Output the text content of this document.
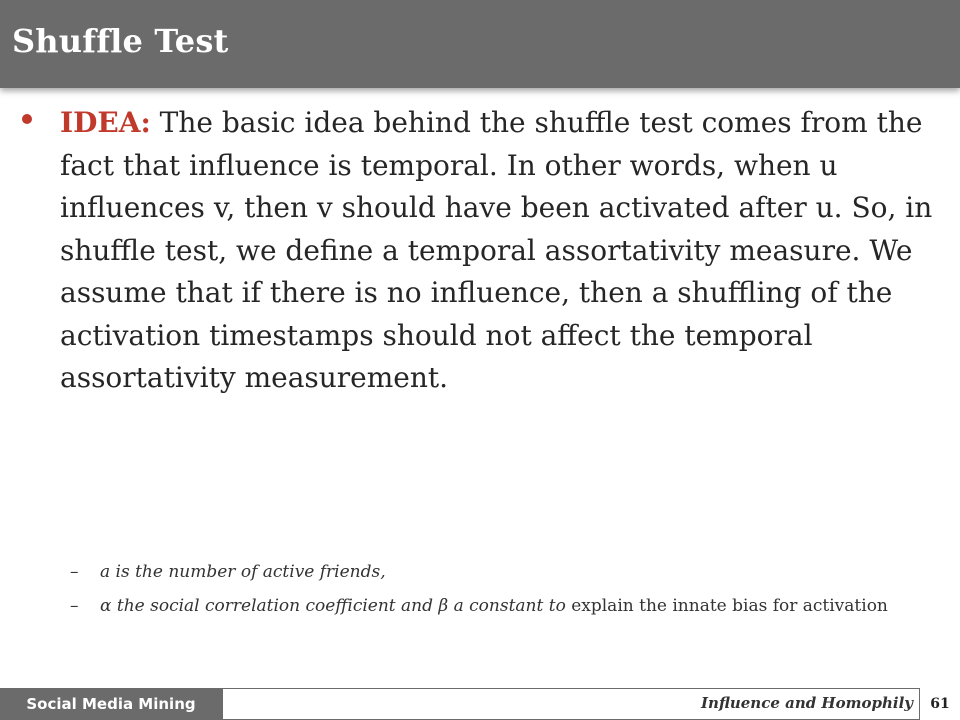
Shuffle Test
IDEA: The basic idea behind the shuffle test comes from the fact that influence is temporal. In other words, when u influences v, then v should have been activated after u. So, in shuffle test, we define a temporal assortativity measure. We assume that if there is no influence, then a shuffling of the activation timestamps should not affect the temporal assortativity measurement.
– a is the number of active friends,
– α the social correlation coefficient and β a constant to explain the innate bias for activation
Social Media Mining	Influence and Homophily	61
